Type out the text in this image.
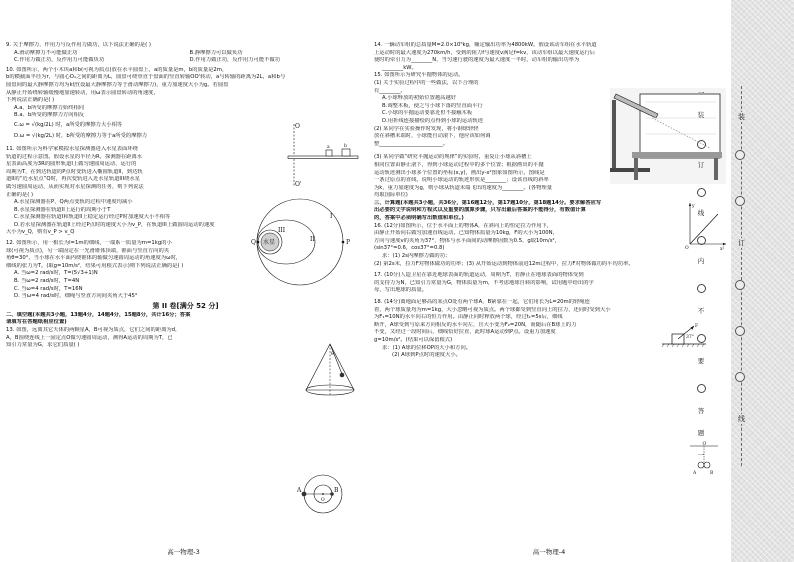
9. 关于摩擦力、作用力与反作用力做功，以下说法正确的是( )

A.滑动摩擦力不可能做正功	B.静摩擦力可以做负功
C.作用力做正功，反作用力可能做负功	D.作用力做正功，反作用力可能不做功

10. 如图所示，两个小木块a和b(可视为质点)放在水平圆盘上，a的质量是m，b的质量是2m，

b的横截面半径为r，与圆心O₁之间的距离为L，圆盘可绕垂直于盘面的竖直转轴OO'转动，a与转轴的距离为2L，a和b与

圆盘间的最大静摩擦力均为k倍(设最大静摩擦力等于滑动摩擦力)，重力加速度大小为g。若圆盘

从静止开始绕转轴缓慢地加速转动，用ω表示圆盘转动的角速度，

下列说法正确的是( )

A.a、b所受的摩擦力始终相同

B.a、b所受的摩擦力方向相反

C.ω = √(kg/2L) 时，a所受的摩擦力大小相等

D.ω = √(kg/2L) 时，b所受的摩擦力等于a所受的摩擦力

11. 如图所示为科学家模拟水星探测器进入水星表面环绕

轨道的过程示意图。假设水星的半径为R，探测器在距离水

星表面高度为3R的圆形轨道I上做匀速圆周运动，运行的

周期为T，在到达轨道的P点时变轨进入椭圆轨道II，到达轨

道II的“近水星点”Q时，再次变轨进入近水星轨道III绕水星

做匀速圆周运动，从而实现对水星探测的任务，则下列说法

正确的是( )

A.水星探测器在P、Q两点变轨的过程中速度均减小

B.水星探测器在轨道II上运行的周期小于T

C.水星探测器在轨道I和轨道II上稳定运行经过P时加速度大小不相等

D.若水星探测器在轨道II上经过P点时的速度大小为v_P，在轨道III上做圆周运动的速度

大小为v_Q，则有v_P > v_Q

12. 如图所示，用一根长为l=1m的细线，一端系一质量为m=1kg的小

球(可视为质点)，另一端固定在一光滑锥体顶端，锥面与竖直方向的夹

角θ=30°，当小球在水平面内绕锥体的轴做匀速圆周运动的角速度为ω时，

细线的张力为T。(取g=10m/s²，结果可用根式表示)则下列说法正确的是( )

A. 当ω=2 rad/s时，T=(5√3+1)N

B. 当ω=2 rad/s时，T=4N

C. 当ω=4 rad/s时，T=16N

D. 当ω=4 rad/s时，细绳与竖直方向间夹角大于45°

第 II 卷[满分 52 分]

二、填空题(本题共3小题，13题4分，14题4分，15题8分，共计16分；答案

请填写在答题纸相应位置)

13. 如图，远离其它天体的两颗星A，B可视为质点，它们之间的距离为d，

A，B围绕连线上一固定点O做匀速圆周运动，测得A运动的周期为T，已

知引力常量为G，求它们质量( )

O
O'
a	b
水星	P
Q
I
II
III
θ
A	B
O
高一物理-3

14. 一辆动车组的总质量M=2.0×10⁵kg，额定输出功率为4800kW。假设该动车组在水平轨道

上运动时的最大速度为270km/h，受到的阻力f与速度v满足f=kv，该动车组以最大速度运行后

使时的牵引力为________N，当匀速行驶的速度为最大速度一半时，动车组的输出功率为

________kW。

15. 如图所示为研究平抛物体的运动。

(1) 关于实验过程中的一些做法，以下合理的

有________。

A.小球释放的初始位置越高越好

B.调整木板，使之与小球下落的竖直面平行

C.小球的平抛运动要靠近但不接触木板

D.用折线连接描绘的点得到小球的运动轨迹

(2) 某同学在实验操作时发现，将小钢球轻轻

放在斜槽末端时，小球能自动滚下，他应该如何调

整________________________。

(3) 某同学做“研究平抛运动的规律”的实验时，重复让小球从斜槽上

相同位置由静止滚下，得到小球运动过程中的多个位置；根据画出的平抛

运动轨迹测出小球多个位置的坐标(x,y)，画出y-x²图象如图所示，图线是

一条过原点的直线，说明小球运动的轨迹形状是________；设该直线的斜率

为k，重力加速度为g，则小球从轨道末端飞出的速度为________。(各物理量

均取国际单位)

三、计算题(本题共3小题，共36分，第16题12分，第17题10分，第18题14分。要求解答应写

出必要的文字说明和方程式以及重要的演算步骤，只写出最后答案的不能得分，有数值计算

的，答案中必须明确写出数值和单位。)

16. (12分)如图所示，位于水平面上的物体A，在斜向上的恒定拉力作用下，

由静止开始向右做匀加速直线运动。已知物体质量为10kg，F的大小为100N，

方向与速度v的夹角为37°，物体与水平面间的动摩擦因数为0.5，g取10m/s²，

(sin37°=0.6，cos37°=0.8)

求：(1) 2s内摩擦力做的功；

(2) 第2s末，拉力F对物体做功的功率；(3) 从开始运动到物体前进12m过程中，拉力F对物体做功的平均功率。

17. (10分)人造卫星在靠近地球表面的轨道运动，周期为T，若静止在地球表面的物体受到

的支持力为N，已知引力常量为G，物体质量为m，不考虑地球自转的影响，试用题中给出的字

母，写出地球的质量。

18. (14分)离地面足够高的某点O处有两个球A，B紧靠在一起，它们用长为L=20m的轻绳连

着，两个球质量均为m=1kg，大小忽略可视为质点。两个球都受到竖直向上的拉力，还同时受到大小

为F₁=10N的水平向右的恒力作用。由静止同时释放两个球，经过t₁=5s后，细线

断开，A球受到与原来方向相反的水平向左，且大小变为F₂=20N，而随后在B球上的力

不变，又经过一段时间后，细线恰好拉直，此时球A运动到P点。设重力加速度

g=10m/s²。(结果可以保留根式)

求：(1) A球的位移OP的大小和方向。

(2) A球到P点时的速度大小。

y
x²
O
F
37°
O
A	B
高一物理-4
一
装
订
线
内
不
要
答
题
一
装
订
线
